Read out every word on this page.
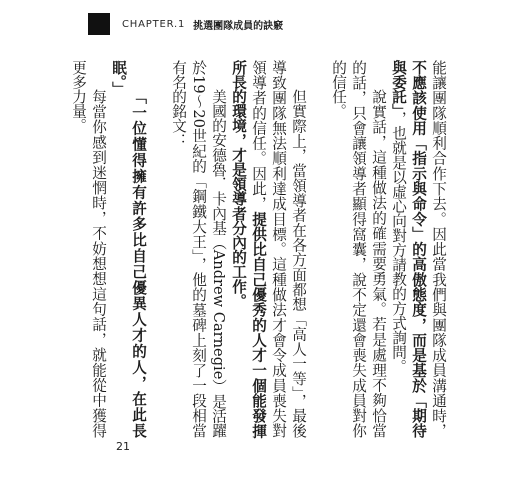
CHAPTER.1 挑選團隊成員的訣竅

能讓團隊順利合作下去。因此當我們與團隊成員溝通時，不應該使用「指示與命令」的高傲態度，而是基於「期待與委託」，也就是以虛心向對方請教的方式詢問。

說實話，這種做法的確需要勇氣。若是處理不夠恰當的話，只會讓領導者顯得窩囊，說不定還會喪失成員對你的信任。

但實際上，當領導者在各方面都想「高人一等」，最後導致團隊無法順利達成目標。這種做法才會令成員喪失對領導者的信任。因此，提供比自己優秀的人才一個能發揮所長的環境，才是領導者分內的工作。

美國的安德魯．卡內基（Andrew Carnegie）是活躍於19～20世紀的「鋼鐵大王」，他的墓碑上刻了一段相當有名的銘文：

「一位懂得擁有許多比自己優異人才的人，在此長眠。」

每當你感到迷惘時，不妨想想這句話，就能從中獲得更多力量。

21
